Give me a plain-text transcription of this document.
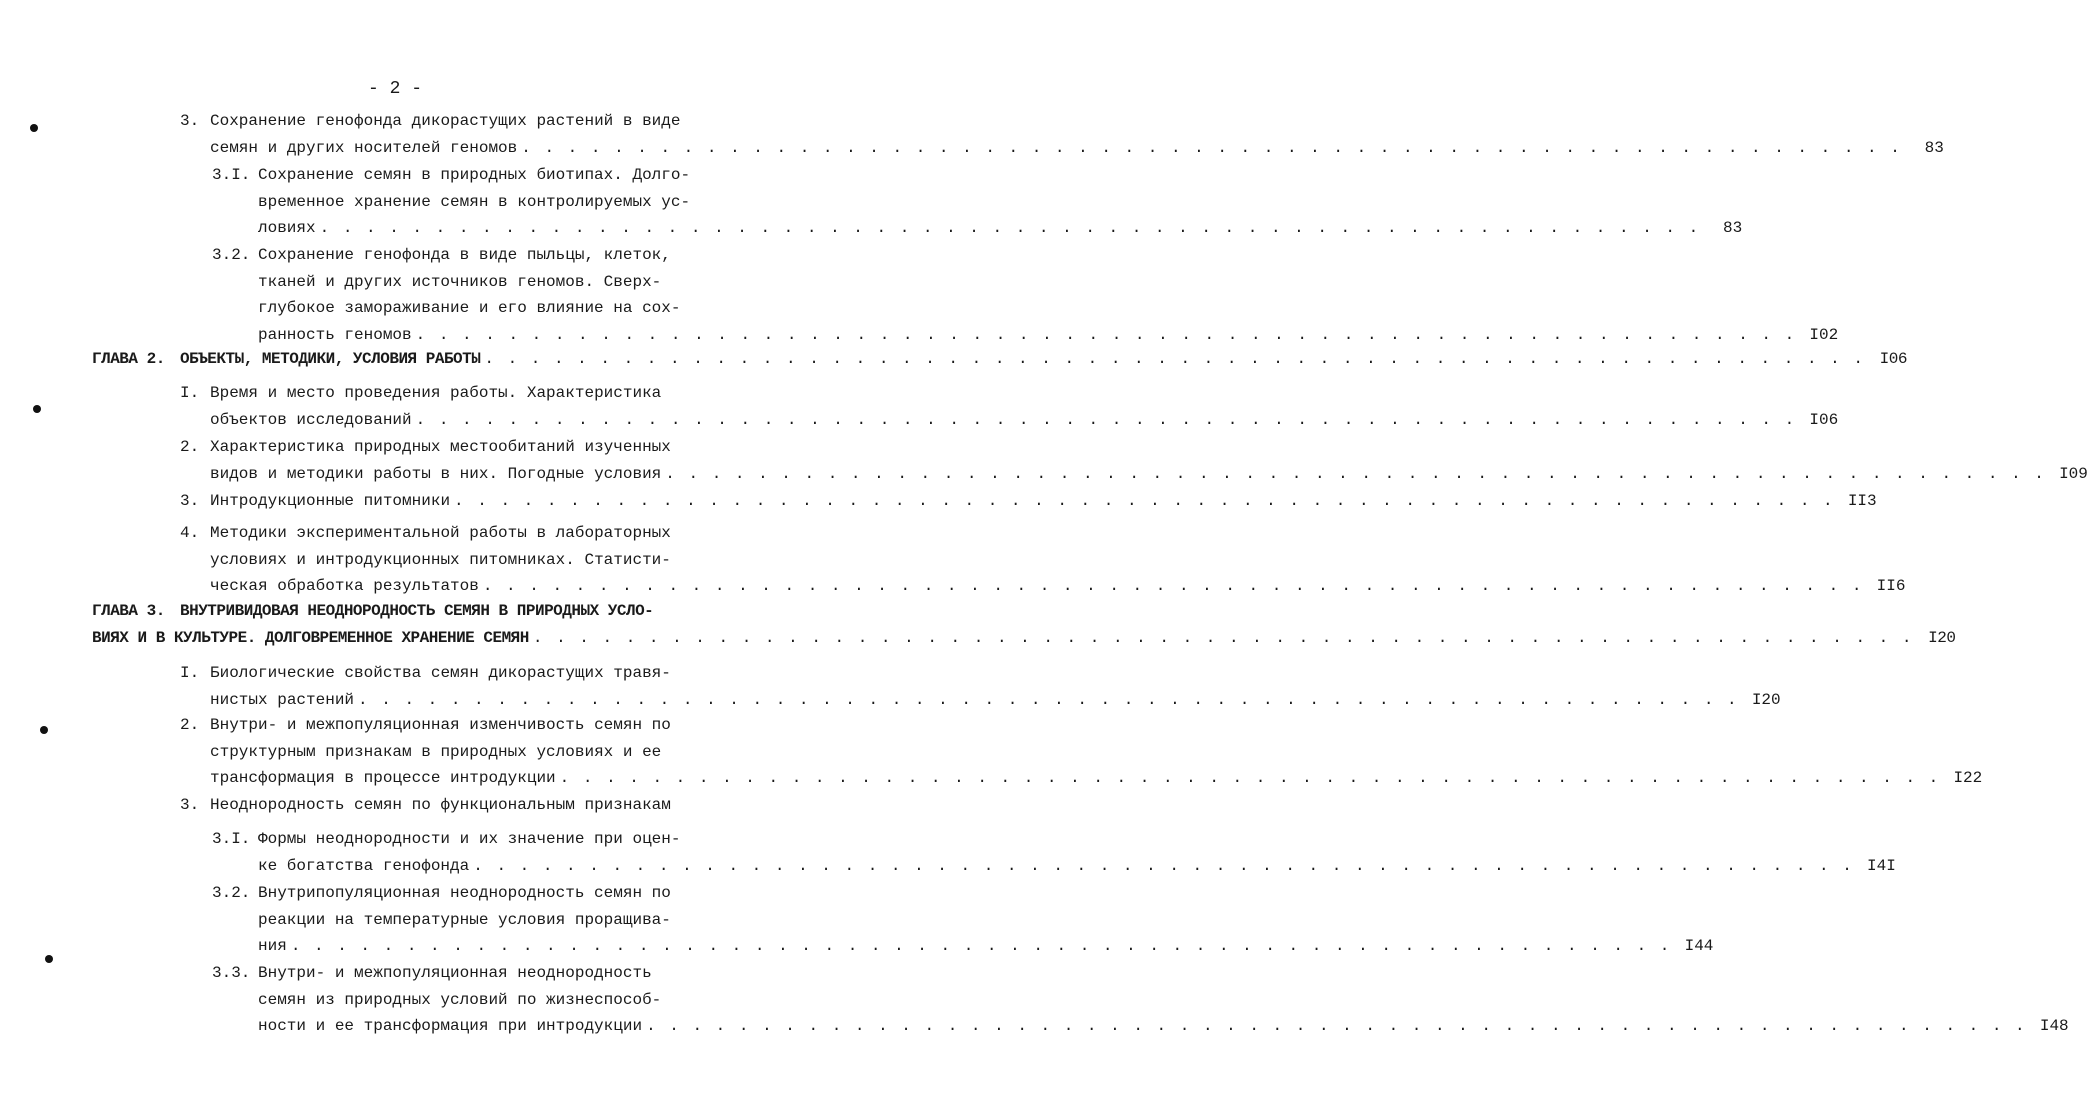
- 2 -
3. Сохранение генофонда дикорастущих растений в виде
семян и других носителей геномов . . . . . . . . . . . . . . . . . . . . . . . . . . . . . . . . . . . . . . . . . . . . . . . . . . . . . . . . . . . .	83
3.I. Сохранение семян в природных биотипах. Долго-
временное хранение семян в контролируемых ус-
ловиях . . . . . . . . . . . . . . . . . . . . . . . . . . . . . . . . . . . . . . . . . . . . . . . . . . . . . . . . . . . .	83
3.2. Сохранение генофонда в виде пыльцы, клеток,
тканей и других источников геномов. Сверх-
глубокое замораживание и его влияние на сох-
ранность геномов . . . . . . . . . . . . . . . . . . . . . . . . . . . . . . . . . . . . . . . . . . . . . . . . . . . . . . . . . . . . I02
ГЛАВА 2. ОБЪЕКТЫ, МЕТОДИКИ, УСЛОВИЯ РАБОТЫ . . . . . . . . . . . . . . . . . . . . . . . . . . . . . . . . . . . . . . . . . . . . . . . . . . . . . . . . . . . . I06
I. Время и место проведения работы. Характеристика
объектов исследований . . . . . . . . . . . . . . . . . . . . . . . . . . . . . . . . . . . . . . . . . . . . . . . . . . . . . . . . . . . . I06
2. Характеристика природных местообитаний изученных
видов и методики работы в них. Погодные условия . . . . . . . . . . . . . . . . . . . . . . . . . . . . . . . . . . . . . . . . . . . . . . . . . . . . . . . . . . . . I09
3. Интродукционные питомники . . . . . . . . . . . . . . . . . . . . . . . . . . . . . . . . . . . . . . . . . . . . . . . . . . . . . . . . . . . . II3
4. Методики экспериментальной работы в лабораторных
условиях и интродукционных питомниках. Статисти-
ческая обработка результатов . . . . . . . . . . . . . . . . . . . . . . . . . . . . . . . . . . . . . . . . . . . . . . . . . . . . . . . . . . . . II6
ГЛАВА 3. ВНУТРИВИДОВАЯ НЕОДНОРОДНОСТЬ СЕМЯН В ПРИРОДНЫХ УСЛО-
ВИЯХ И В КУЛЬТУРЕ. ДОЛГОВРЕМЕННОЕ ХРАНЕНИЕ СЕМЯН . . . . . . . . . . . . . . . . . . . . . . . . . . . . . . . . . . . . . . . . . . . . . . . . . . . . . . . . . . . . I20
I. Биологические свойства семян дикорастущих травя-
нистых растений . . . . . . . . . . . . . . . . . . . . . . . . . . . . . . . . . . . . . . . . . . . . . . . . . . . . . . . . . . . . I20
2. Внутри- и межпопуляционная изменчивость семян по
структурным признакам в природных условиях и ее
трансформация в процессе интродукции . . . . . . . . . . . . . . . . . . . . . . . . . . . . . . . . . . . . . . . . . . . . . . . . . . . . . . . . . . . . I22
3. Неоднородность семян по функциональным признакам
3.I. Формы неоднородности и их значение при оцен-
ке богатства генофонда . . . . . . . . . . . . . . . . . . . . . . . . . . . . . . . . . . . . . . . . . . . . . . . . . . . . . . . . . . . . I4I
3.2. Внутрипопуляционная неоднородность семян по
реакции на температурные условия проращива-
ния . . . . . . . . . . . . . . . . . . . . . . . . . . . . . . . . . . . . . . . . . . . . . . . . . . . . . . . . . . . . I44
3.3. Внутри- и межпопуляционная неоднородность
семян из природных условий по жизнеспособ-
ности и ее трансформация при интродукции . . . . . . . . . . . . . . . . . . . . . . . . . . . . . . . . . . . . . . . . . . . . . . . . . . . . . . . . . . . . I48
